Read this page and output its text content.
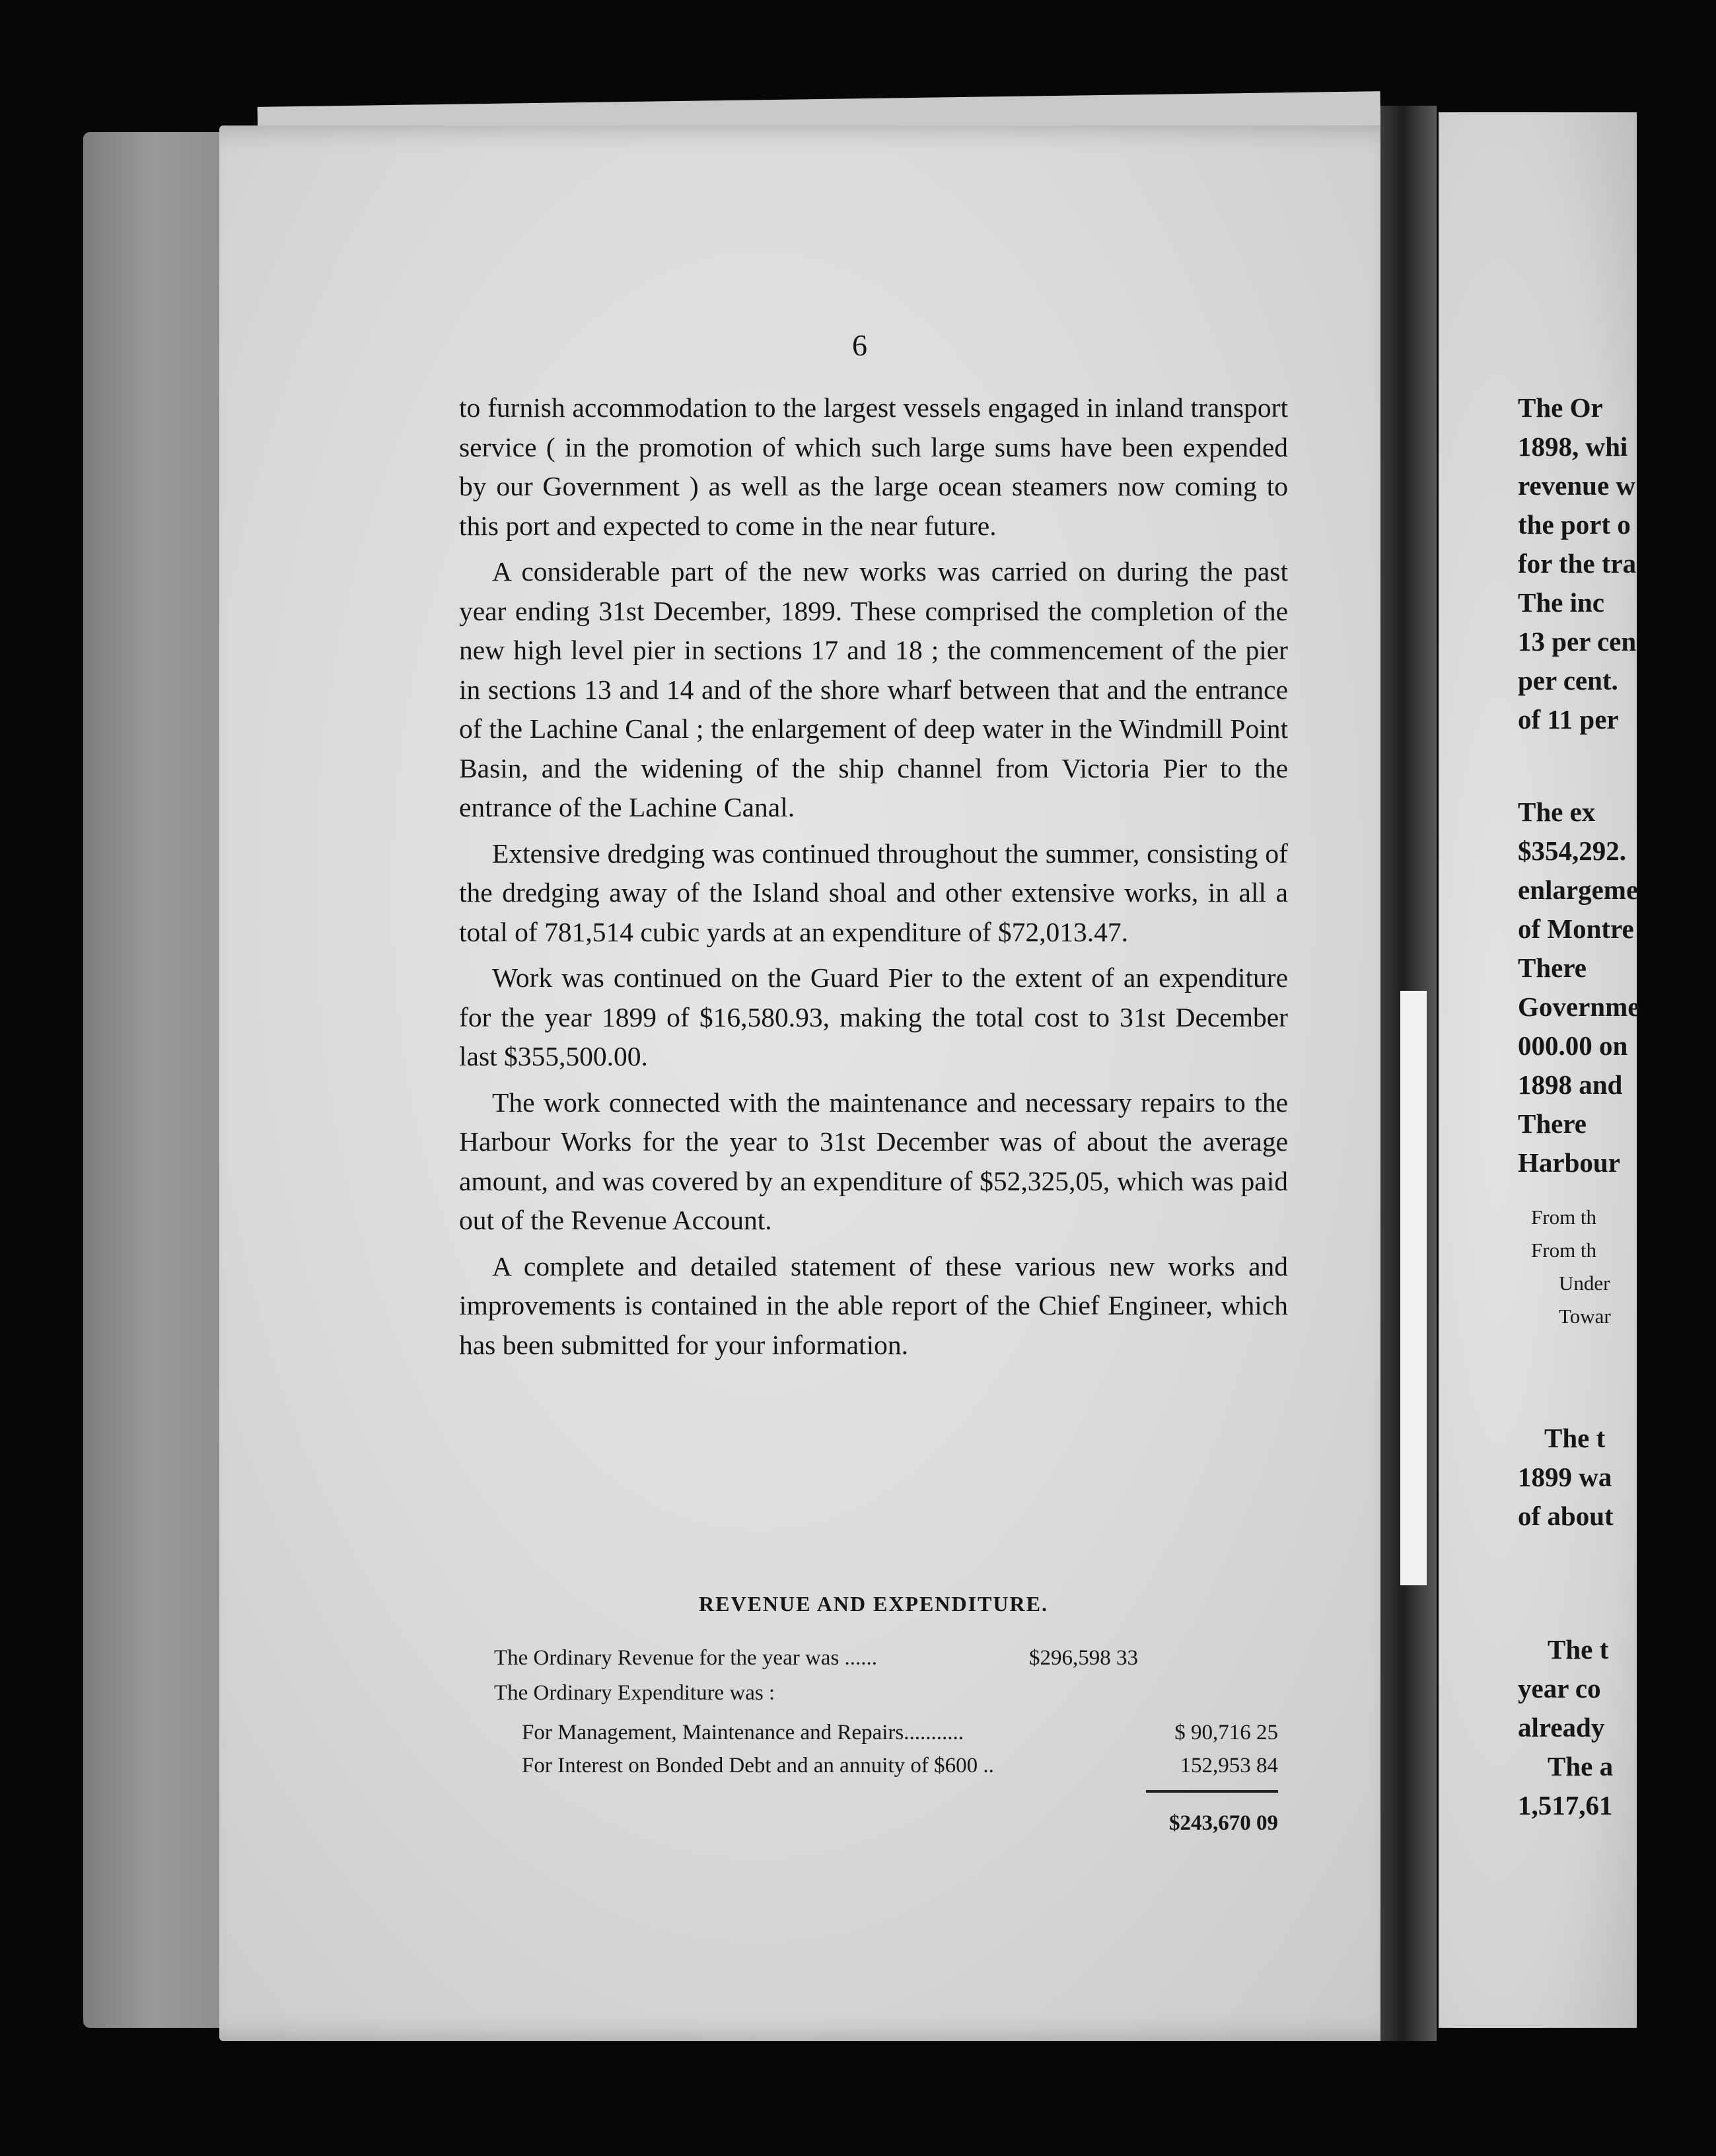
6

to furnish accommodation to the largest vessels engaged in inland transport service ( in the promotion of which such large sums have been expended by our Government ) as well as the large ocean steamers now coming to this port and expected to come in the near future.

A considerable part of the new works was carried on during the past year ending 31st December, 1899. These comprised the completion of the new high level pier in sections 17 and 18 ; the commencement of the pier in sections 13 and 14 and of the shore wharf between that and the entrance of the Lachine Canal ; the enlargement of deep water in the Windmill Point Basin, and the widening of the ship channel from Victoria Pier to the entrance of the Lachine Canal.

Extensive dredging was continued throughout the summer, consisting of the dredging away of the Island shoal and other extensive works, in all a total of 781,514 cubic yards at an expenditure of $72,013.47.

Work was continued on the Guard Pier to the extent of an expenditure for the year 1899 of $16,580.93, making the total cost to 31st December last $355,500.00.

The work connected with the maintenance and necessary repairs to the Harbour Works for the year to 31st December was of about the average amount, and was covered by an expenditure of $52,325,05, which was paid out of the Revenue Account.

A complete and detailed statement of these various new works and improvements is contained in the able report of the Chief Engineer, which has been submitted for your information.

REVENUE AND EXPENDITURE.
The Ordinary Revenue for the year was ......	$296,598 33
The Ordinary Expenditure was :
For Management, Maintenance and Repairs...........	$ 90,716 25
For Interest on Bonded Debt and an annuity of $600 ..	152,953 84
$243,670 09
The Or
1898, whi
revenue w
the port o
for the tra
The inc
13 per cen
per cent.
of 11 per
The ex
$354,292.
enlargeme
of Montre
There
Governme
000.00 on
1898 and
There
Harbour
From th
From th
Under
Towar
The t
1899 wa
of about
The t
year co
already
The a
1,517,61
